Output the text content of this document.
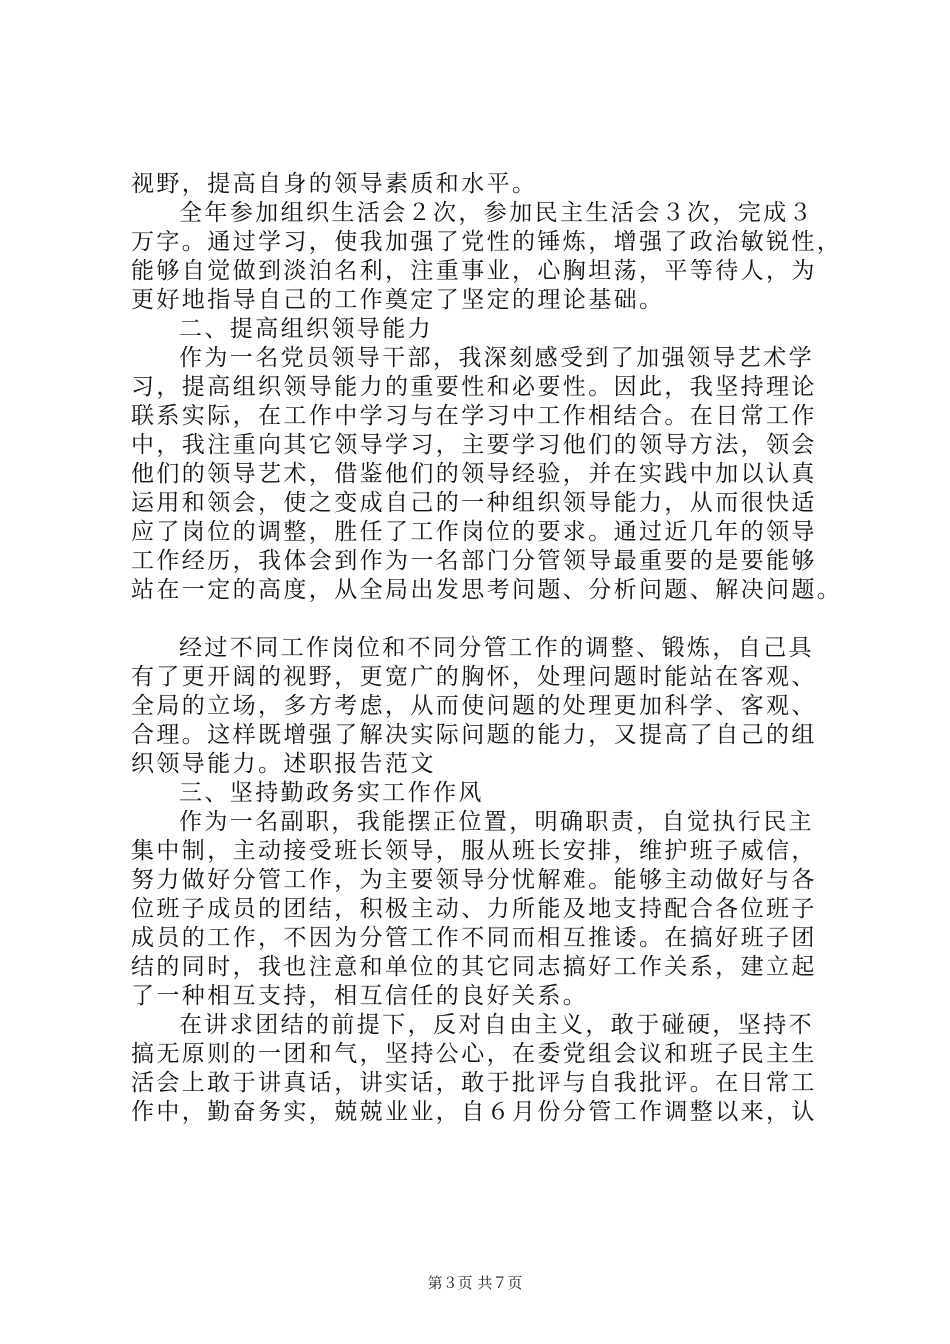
视野，提高自身的领导素质和水平。
全年参加组织生活会２次，参加民主生活会３次，完成３
万字。通过学习，使我加强了党性的锤炼，增强了政治敏锐性，
能够自觉做到淡泊名利，注重事业，心胸坦荡，平等待人，为
更好地指导自己的工作奠定了坚定的理论基础。
二、提高组织领导能力
作为一名党员领导干部，我深刻感受到了加强领导艺术学
习，提高组织领导能力的重要性和必要性。因此，我坚持理论
联系实际，在工作中学习与在学习中工作相结合。在日常工作
中，我注重向其它领导学习，主要学习他们的领导方法，领会
他们的领导艺术，借鉴他们的领导经验，并在实践中加以认真
运用和领会，使之变成自己的一种组织领导能力，从而很快适
应了岗位的调整，胜任了工作岗位的要求。通过近几年的领导
工作经历，我体会到作为一名部门分管领导最重要的是要能够
站在一定的高度，从全局出发思考问题、分析问题、解决问题。
经过不同工作岗位和不同分管工作的调整、锻炼，自己具
有了更开阔的视野，更宽广的胸怀，处理问题时能站在客观、
全局的立场，多方考虑，从而使问题的处理更加科学、客观、
合理。这样既增强了解决实际问题的能力，又提高了自己的组
织领导能力。述职报告范文
三、坚持勤政务实工作作风
作为一名副职，我能摆正位置，明确职责，自觉执行民主
集中制，主动接受班长领导，服从班长安排，维护班子威信，
努力做好分管工作，为主要领导分忧解难。能够主动做好与各
位班子成员的团结，积极主动、力所能及地支持配合各位班子
成员的工作，不因为分管工作不同而相互推诿。在搞好班子团
结的同时，我也注意和单位的其它同志搞好工作关系，建立起
了一种相互支持，相互信任的良好关系。
在讲求团结的前提下，反对自由主义，敢于碰硬，坚持不
搞无原则的一团和气，坚持公心，在委党组会议和班子民主生
活会上敢于讲真话，讲实话，敢于批评与自我批评。在日常工
作中，勤奋务实，兢兢业业，自６月份分管工作调整以来，认
第３页 共７页
